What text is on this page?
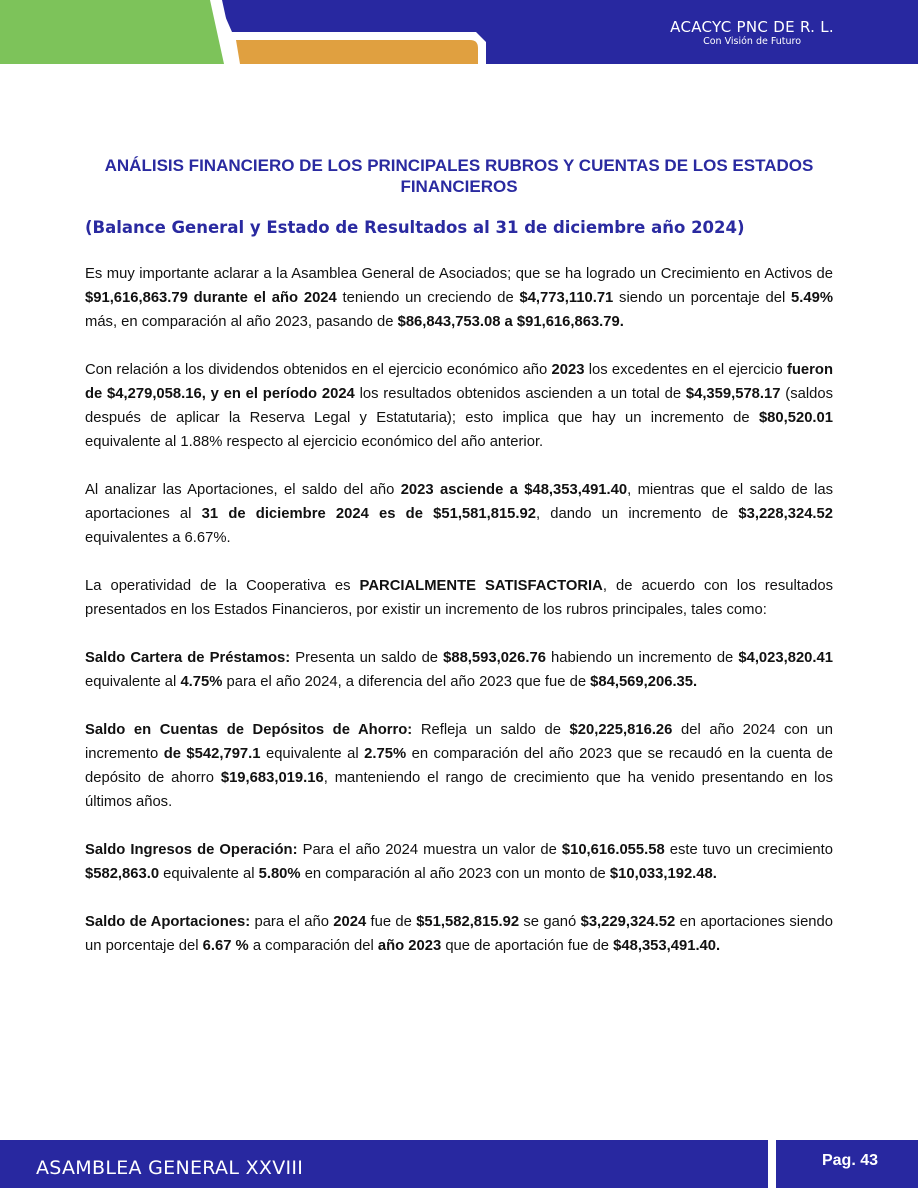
ACACYC PNC DE R. L.
Con Visión de Futuro
ANÁLISIS FINANCIERO DE LOS PRINCIPALES RUBROS Y CUENTAS DE LOS ESTADOS FINANCIEROS
(Balance General y Estado de Resultados al 31 de diciembre año 2024)

Es muy importante aclarar a la Asamblea General de Asociados; que se ha logrado un Crecimiento en Activos de $91,616,863.79 durante el año 2024 teniendo un creciendo de $4,773,110.71 siendo un porcentaje del 5.49% más, en comparación al año 2023, pasando de $86,843,753.08 a $91,616,863.79.

Con relación a los dividendos obtenidos en el ejercicio económico año 2023 los excedentes en el ejercicio fueron de $4,279,058.16, y en el período 2024 los resultados obtenidos ascienden a un total de $4,359,578.17 (saldos después de aplicar la Reserva Legal y Estatutaria); esto implica que hay un incremento de $80,520.01 equivalente al 1.88% respecto al ejercicio económico del año anterior.

Al analizar las Aportaciones, el saldo del año 2023 asciende a $48,353,491.40, mientras que el saldo de las aportaciones al 31 de diciembre 2024 es de $51,581,815.92, dando un incremento de $3,228,324.52 equivalentes a 6.67%.

La operatividad de la Cooperativa es PARCIALMENTE SATISFACTORIA, de acuerdo con los resultados presentados en los Estados Financieros, por existir un incremento de los rubros principales, tales como:

Saldo Cartera de Préstamos: Presenta un saldo de $88,593,026.76 habiendo un incremento de $4,023,820.41 equivalente al 4.75% para el año 2024, a diferencia del año 2023 que fue de $84,569,206.35.

Saldo en Cuentas de Depósitos de Ahorro: Refleja un saldo de $20,225,816.26 del año 2024 con un incremento de $542,797.1 equivalente al 2.75% en comparación del año 2023 que se recaudó en la cuenta de depósito de ahorro $19,683,019.16, manteniendo el rango de crecimiento que ha venido presentando en los últimos años.

Saldo Ingresos de Operación: Para el año 2024 muestra un valor de $10,616.055.58 este tuvo un crecimiento $582,863.0 equivalente al 5.80% en comparación al año 2023 con un monto de $10,033,192.48.

Saldo de Aportaciones: para el año 2024 fue de $51,582,815.92 se ganó $3,229,324.52 en aportaciones siendo un porcentaje del 6.67 % a comparación del año 2023 que de aportación fue de $48,353,491.40.

ASAMBLEA GENERAL XXVIII	Pag. 43
